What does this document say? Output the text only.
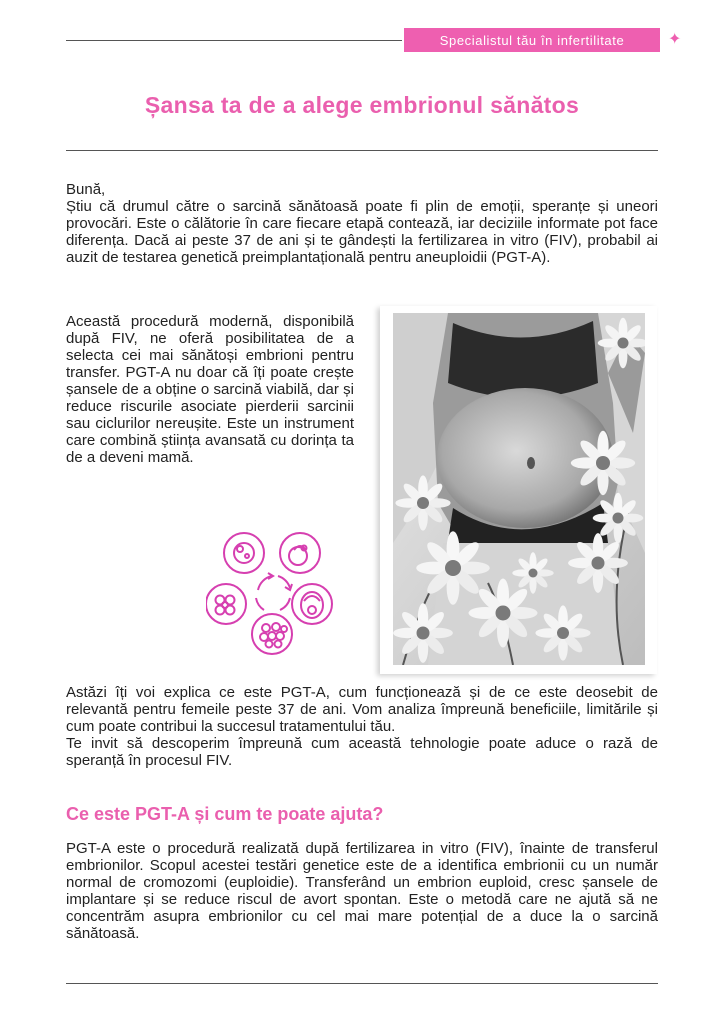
Specialistul tău în infertilitate	✦
Șansa ta de a alege embrionul sănătos

Bună,

Știu că drumul către o sarcină sănătoasă poate fi plin de emoții, speranțe și uneori provocări. Este o călătorie în care fiecare etapă contează, iar deciziile informate pot face diferența. Dacă ai peste 37 de ani și te gândești la fertilizarea in vitro (FIV), probabil ai auzit de testarea genetică preimplantațională pentru aneuploidii (PGT-A).

Această procedură modernă, disponibilă după FIV, ne oferă posibilitatea de a selecta cei mai sănătoși embrioni pentru transfer. PGT-A nu doar că îți poate crește șansele de a obține o sarcină viabilă, dar și reduce riscurile asociate pierderii sarcinii sau ciclurilor nereușite. Este un instrument care combină știința avansată cu dorința ta de a deveni mamă.

Astăzi îți voi explica ce este PGT-A, cum funcționează și de ce este deosebit de relevantă pentru femeile peste 37 de ani. Vom analiza împreună beneficiile, limitările și cum poate contribui la succesul tratamentului tău.

Te invit să descoperim împreună cum această tehnologie poate aduce o rază de speranță în procesul FIV.

Ce este PGT-A și cum te poate ajuta?

PGT-A este o procedură realizată după fertilizarea in vitro (FIV), înainte de transferul embrionilor. Scopul acestei testări genetice este de a identifica embrionii cu un număr normal de cromozomi (euploidie). Transferând un embrion euploid, cresc șansele de implantare și se reduce riscul de avort spontan. Este o metodă care ne ajută să ne concentrăm asupra embrionilor cu cel mai mare potențial de a duce la o sarcină sănătoasă.
